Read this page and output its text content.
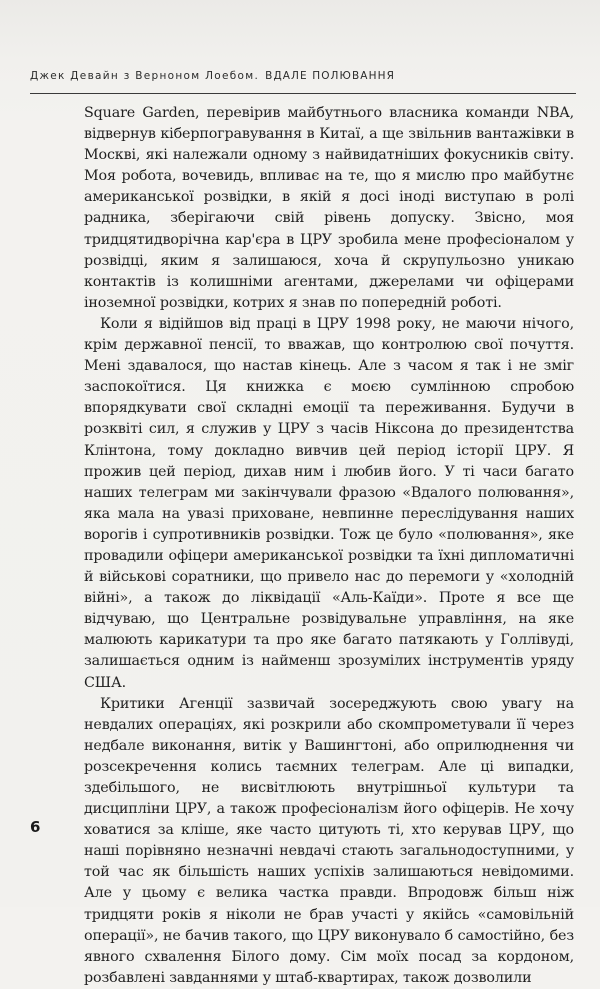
Джек Девайн з Верноном Лоебом. ВДАЛЕ ПОЛЮВАННЯ

Square Garden, перевірив майбутнього власника команди NBA, відвернув кіберпогравування в Китаї, а ще звільнив вантажівки в Москві, які належали одному з найвидатніших фокусників світу. Моя робота, вочевидь, впливає на те, що я мислю про майбутнє американської розвідки, в якій я досі іноді виступаю в ролі радника, зберігаючи свій рівень допуску. Звісно, моя тридцятидворічна кар'єра в ЦРУ зробила мене професіоналом у розвідці, яким я залишаюся, хоча й скрупульозно уникаю контактів із колишніми агентами, джерелами чи офіцерами іноземної розвідки, котрих я знав по попередній роботі.

Коли я відійшов від праці в ЦРУ 1998 року, не маючи нічого, крім державної пенсії, то вважав, що контролюю свої почуття. Мені здавалося, що настав кінець. Але з часом я так і не зміг заспокоїтися. Ця книжка є моєю сумлінною спробою впорядкувати свої складні емоції та переживання. Будучи в розквіті сил, я служив у ЦРУ з часів Ніксона до президентства Клінтона, тому докладно вивчив цей період історії ЦРУ. Я прожив цей період, дихав ним і любив його. У ті часи багато наших телеграм ми закінчували фразою «Вдалого полювання», яка мала на увазі приховане, невпинне переслідування наших ворогів і супротивників розвідки. Тож це було «полювання», яке провадили офіцери американської розвідки та їхні дипломатичні й військові соратники, що привело нас до перемоги у «холодній війні», а також до ліквідації «Аль-Каїди». Проте я все ще відчуваю, що Центральне розвідувальне управління, на яке малюють карикатури та про яке багато патякають у Голлівуді, залишається одним із найменш зрозумілих інструментів уряду США.

Критики Агенції зазвичай зосереджують свою увагу на невдалих операціях, які розкрили або скомпрометували її через недбале виконання, витік у Вашингтоні, або оприлюднення чи розсекречення колись таємних телеграм. Але ці випадки, здебільшого, не висвітлюють внутрішньої культури та дисципліни ЦРУ, а також професіоналізм його офіцерів. Не хочу ховатися за кліше, яке часто цитують ті, хто керував ЦРУ, що наші порівняно незначні невдачі стають загальнодоступними, у той час як більшість наших успіхів залишаються невідомими. Але у цьому є велика частка правди. Впродовж більш ніж тридцяти років я ніколи не брав участі у якійсь «самовільній операції», не бачив такого, що ЦРУ виконувало б самостійно, без явного схвалення Білого дому. Сім моїх посад за кордоном, розбавлені завданнями у штаб-квартирах, також дозволили

6
